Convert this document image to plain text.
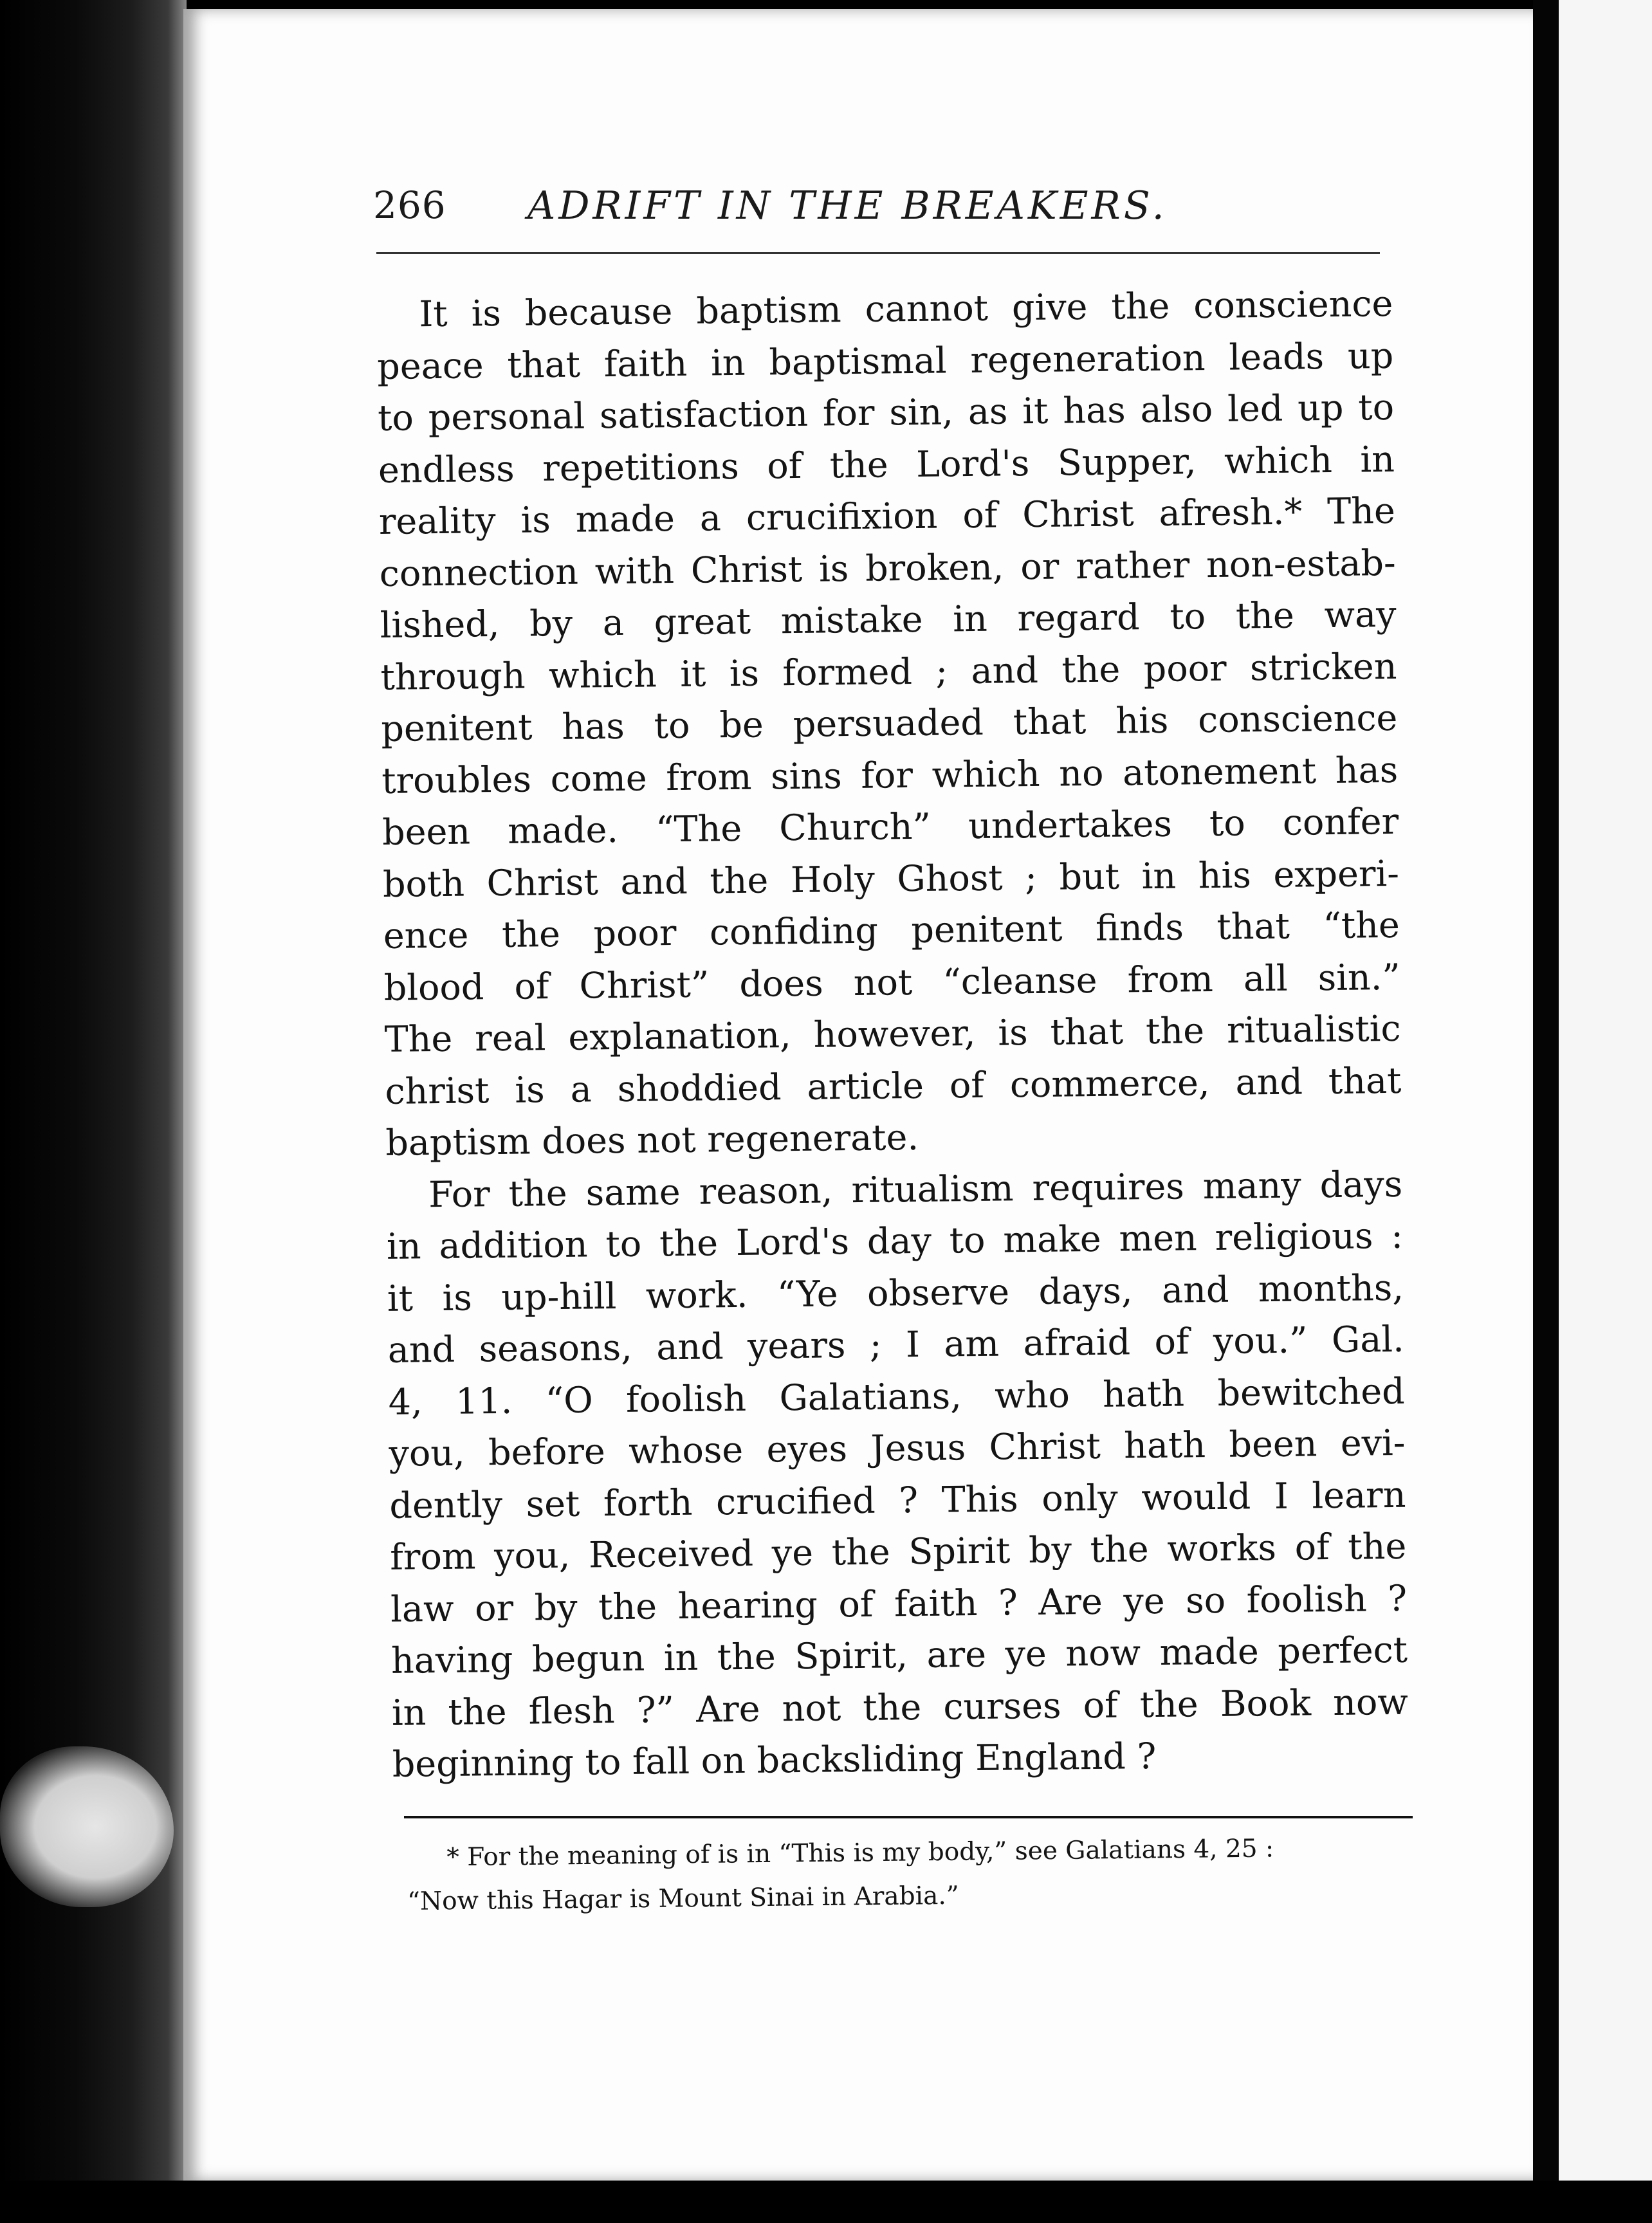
266 ADRIFT IN THE BREAKERS.
It is because baptism cannot give the conscience
peace that faith in baptismal regeneration leads up
to personal satisfaction for sin, as it has also led up to
endless repetitions of the Lord's Supper, which in
reality is made a crucifixion of Christ afresh.* The
connection with Christ is broken, or rather non-estab-
lished, by a great mistake in regard to the way
through which it is formed ; and the poor stricken
penitent has to be persuaded that his conscience
troubles come from sins for which no atonement has
been made. “The Church” undertakes to confer
both Christ and the Holy Ghost ; but in his experi-
ence the poor confiding penitent finds that “the
blood of Christ” does not “cleanse from all sin.”
The real explanation, however, is that the ritualistic
christ is a shoddied article of commerce, and that
baptism does not regenerate.
For the same reason, ritualism requires many days
in addition to the Lord's day to make men religious :
it is up-hill work. “Ye observe days, and months,
and seasons, and years ; I am afraid of you.” Gal.
4, 11. “O foolish Galatians, who hath bewitched
you, before whose eyes Jesus Christ hath been evi-
dently set forth crucified ? This only would I learn
from you, Received ye the Spirit by the works of the
law or by the hearing of faith ? Are ye so foolish ?
having begun in the Spirit, are ye now made perfect
in the flesh ?” Are not the curses of the Book now
beginning to fall on backsliding England ?
* For the meaning of is in “This is my body,” see Galatians 4, 25 :
“Now this Hagar is Mount Sinai in Arabia.”
